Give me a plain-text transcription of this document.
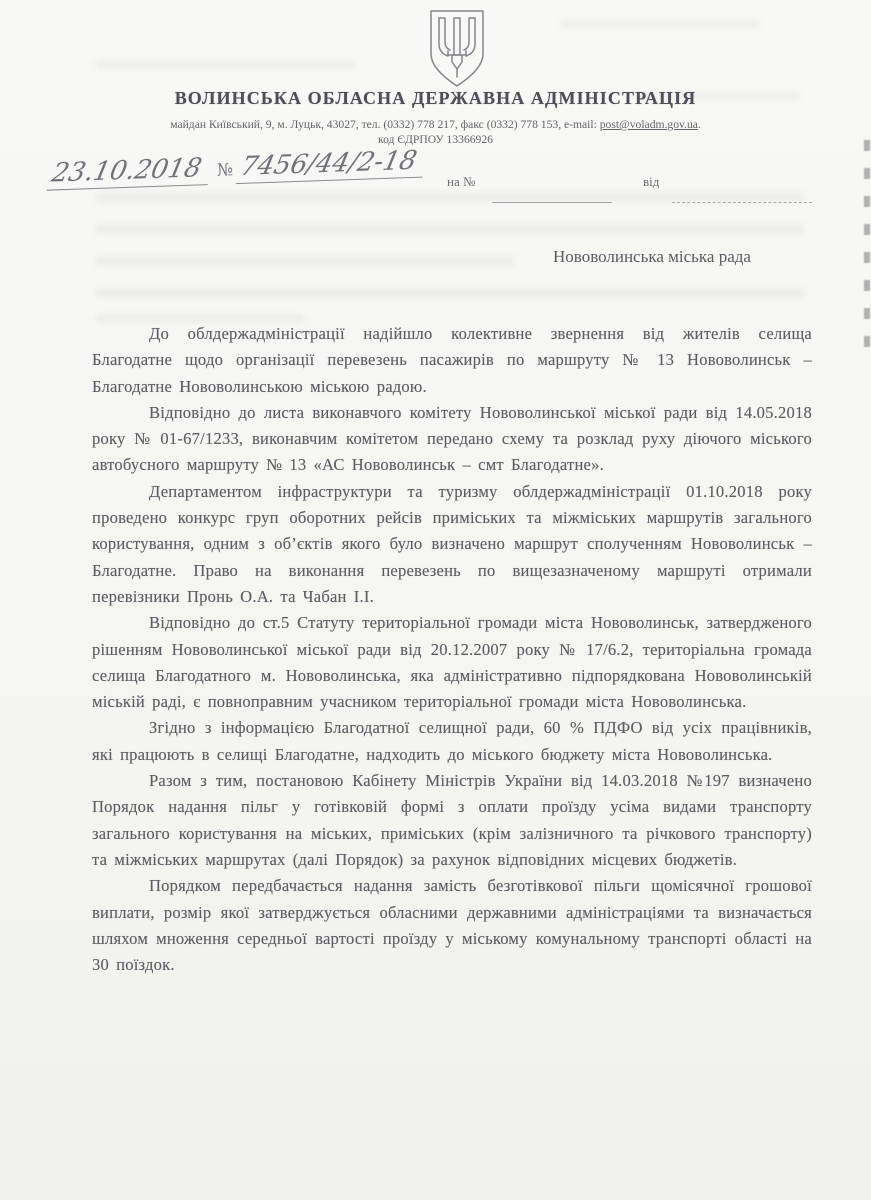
ВОЛИНСЬКА ОБЛАСНА ДЕРЖАВНА АДМІНІСТРАЦІЯ
майдан Київський, 9, м. Луцьк, 43027, тел. (0332) 778 217, факс (0332) 778 153, e-mail: post@voladm.gov.ua.
код ЄДРПОУ 13366926
23.10.2018 № 7456/44/2-18	на №	від
Нововолинська міська рада

До облдержадміністрації надійшло колективне звернення від жителів селища Благодатне щодо організації перевезень пасажирів по маршруту № 13 Нововолинськ – Благодатне Нововолинською міською радою.

Відповідно до листа виконавчого комітету Нововолинської міської ради від 14.05.2018 року № 01-67/1233, виконавчим комітетом передано схему та розклад руху діючого міського автобусного маршруту № 13 «АС Нововолинськ – смт Благодатне».

Департаментом інфраструктури та туризму облдержадміністрації 01.10.2018 року проведено конкурс груп оборотних рейсів приміських та міжміських маршрутів загального користування, одним з об’єктів якого було визначено маршрут сполученням Нововолинськ – Благодатне. Право на виконання перевезень по вищезазначеному маршруті отримали перевізники Пронь О.А. та Чабан І.І.

Відповідно до ст.5 Статуту територіальної громади міста Нововолинськ, затвердженого рішенням Нововолинської міської ради від 20.12.2007 року № 17/6.2, територіальна громада селища Благодатного м. Нововолинська, яка адміністративно підпорядкована Нововолинській міській раді, є повноправним учасником територіальної громади міста Нововолинська.

Згідно з інформацією Благодатної селищної ради, 60 % ПДФО від усіх працівників, які працюють в селищі Благодатне, надходить до міського бюджету міста Нововолинська.

Разом з тим, постановою Кабінету Міністрів України від 14.03.2018 №197 визначено Порядок надання пільг у готівковій формі з оплати проїзду усіма видами транспорту загального користування на міських, приміських (крім залізничного та річкового транспорту) та міжміських маршрутах (далі Порядок) за рахунок відповідних місцевих бюджетів.

Порядком передбачається надання замість безготівкової пільги щомісячної грошової виплати, розмір якої затверджується обласними державними адміністраціями та визначається шляхом множення середньої вартості проїзду у міському комунальному транспорті області на 30 поїздок.
